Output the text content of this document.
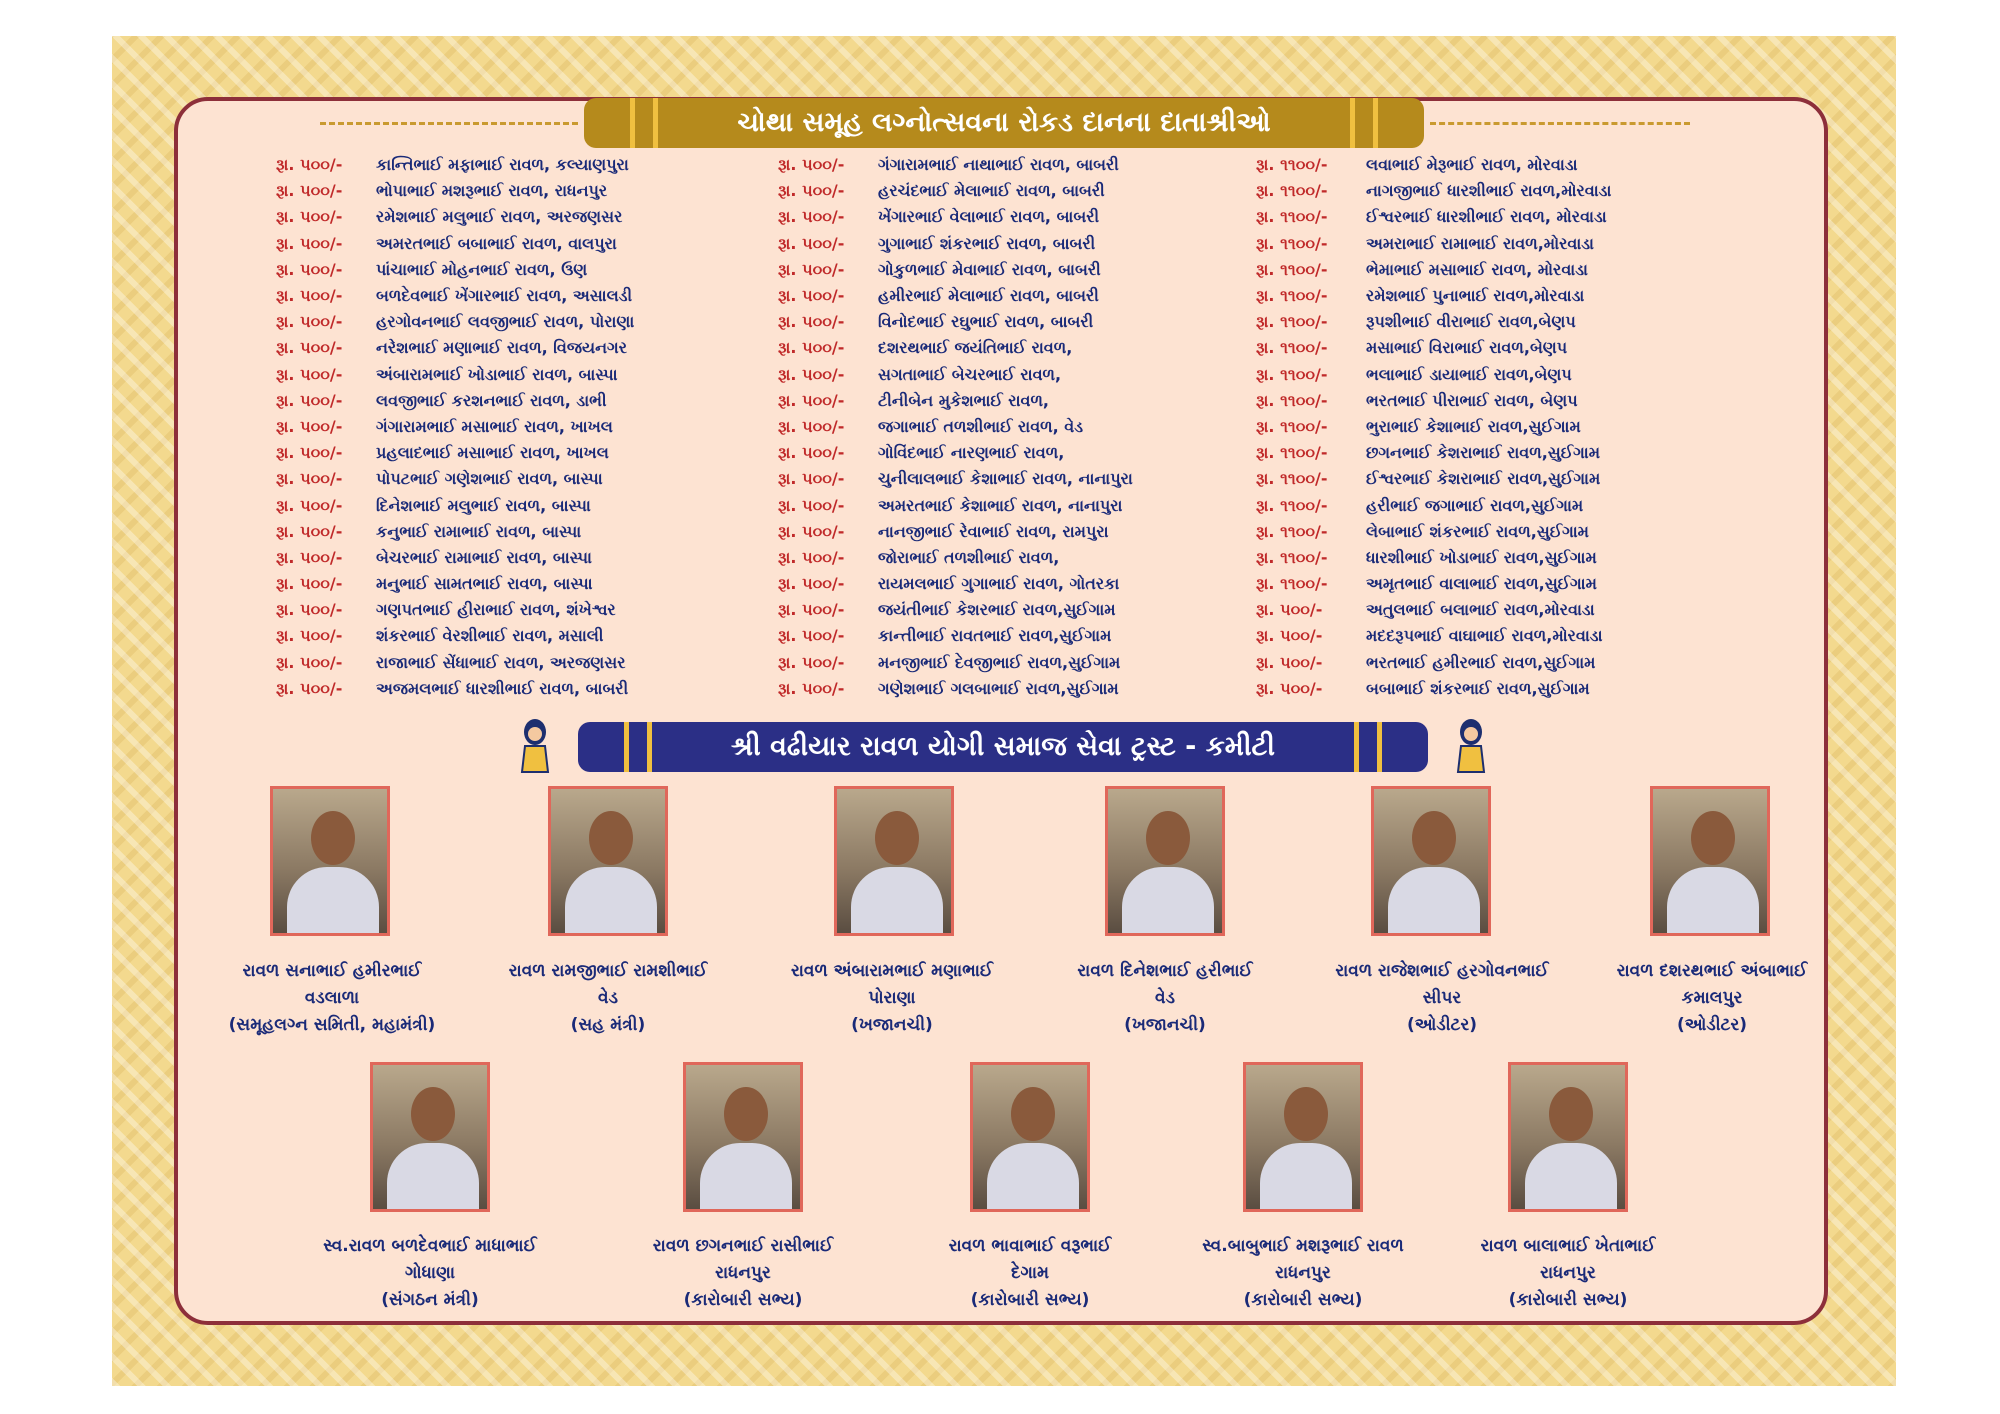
ચોથા સમૂહ લગ્નોત્સવના રોકડ દાનના દાતાશ્રીઓ
રૂા. ૫૦૦/-	કાન્તિભાઈ મફાભાઈ રાવળ, કલ્યાણપુરા
રૂા. ૫૦૦/-	ભોપાભાઈ મશરૂભાઈ રાવળ, રાધનપુર
રૂા. ૫૦૦/-	રમેશભાઈ મલુભાઈ રાવળ, અરજણસર
રૂા. ૫૦૦/-	અમરતભાઈ બબાભાઈ રાવળ, વાલપુરા
રૂા. ૫૦૦/-	પાંચાભાઈ મોહનભાઈ રાવળ, ઉણ
રૂા. ૫૦૦/-	બળદેવભાઈ ખેંગારભાઈ રાવળ, અસાલડી
રૂા. ૫૦૦/-	હરગોવનભાઈ લવજીભાઈ રાવળ, પોરાણા
રૂા. ૫૦૦/-	નરેશભાઈ મણાભાઈ રાવળ, વિજયનગર
રૂા. ૫૦૦/-	અંબારામભાઈ ખોડાભાઈ રાવળ, બાસ્પા
રૂા. ૫૦૦/-	લવજીભાઈ કરશનભાઈ રાવળ, ડાભી
રૂા. ૫૦૦/-	ગંગારામભાઈ મસાભાઈ રાવળ, ખાખલ
રૂા. ૫૦૦/-	પ્રહલાદભાઈ મસાભાઈ રાવળ, ખાખલ
રૂા. ૫૦૦/-	પોપટભાઈ ગણેશભાઈ રાવળ, બાસ્પા
રૂા. ૫૦૦/-	દિનેશભાઈ મલુભાઈ રાવળ, બાસ્પા
રૂા. ૫૦૦/-	કનુભાઈ રામાભાઈ રાવળ, બાસ્પા
રૂા. ૫૦૦/-	બેચરભાઈ રામાભાઈ રાવળ, બાસ્પા
રૂા. ૫૦૦/-	મનુભાઈ સામતભાઈ રાવળ, બાસ્પા
રૂા. ૫૦૦/-	ગણપતભાઈ હીરાભાઈ રાવળ, શંખેશ્વર
રૂા. ૫૦૦/-	શંકરભાઈ વેરશીભાઈ રાવળ, મસાલી
રૂા. ૫૦૦/-	રાજાભાઈ સેંધાભાઈ રાવળ, અરજણસર
રૂા. ૫૦૦/-	અજમલભાઈ ધારશીભાઈ રાવળ, બાબરી
રૂા. ૫૦૦/-	ગંગારામભાઈ નાથાભાઈ રાવળ, બાબરી
રૂા. ૫૦૦/-	હરચંદભાઈ મેલાભાઈ રાવળ, બાબરી
રૂા. ૫૦૦/-	ખેંગારભાઈ વેલાભાઈ રાવળ, બાબરી
રૂા. ૫૦૦/-	ગુગાભાઈ શંકરભાઈ રાવળ, બાબરી
રૂા. ૫૦૦/-	ગોકુળભાઈ મેવાભાઈ રાવળ, બાબરી
રૂા. ૫૦૦/-	હમીરભાઈ મેલાભાઈ રાવળ, બાબરી
રૂા. ૫૦૦/-	વિનોદભાઈ રઘુભાઈ રાવળ, બાબરી
રૂા. ૫૦૦/-	દશરથભાઈ જયંતિભાઈ રાવળ,
રૂા. ૫૦૦/-	સગતાભાઈ બેચરભાઈ રાવળ,
રૂા. ૫૦૦/-	ટીનીબેન મુકેશભાઈ રાવળ,
રૂા. ૫૦૦/-	જગાભાઈ તળશીભાઈ રાવળ, વેડ
રૂા. ૫૦૦/-	ગોવિંદભાઈ નારણભાઈ રાવળ,
રૂા. ૫૦૦/-	ચુનીલાલભાઈ કેશાભાઈ રાવળ, નાનાપુરા
રૂા. ૫૦૦/-	અમરતભાઈ કેશાભાઈ રાવળ, નાનાપુરા
રૂા. ૫૦૦/-	નાનજીભાઈ રેવાભાઈ રાવળ, રામપુરા
રૂા. ૫૦૦/-	જોરાભાઈ તળશીભાઈ રાવળ,
રૂા. ૫૦૦/-	રાયમલભાઈ ગુગાભાઈ રાવળ, ગોતરકા
રૂા. ૫૦૦/-	જયંતીભાઈ કેશરભાઈ રાવળ,સુઈગામ
રૂા. ૫૦૦/-	કાન્તીભાઈ રાવતભાઈ રાવળ,સુઈગામ
રૂા. ૫૦૦/-	મનજીભાઈ દેવજીભાઈ રાવળ,સુઈગામ
રૂા. ૫૦૦/-	ગણેશભાઈ ગલબાભાઈ રાવળ,સુઈગામ
રૂા. ૧૧૦૦/-	લવાભાઈ મેરૂભાઈ રાવળ, મોરવાડા
રૂા. ૧૧૦૦/-	નાગજીભાઈ ધારશીભાઈ રાવળ,મોરવાડા
રૂા. ૧૧૦૦/-	ઈશ્વરભાઈ ધારશીભાઈ રાવળ, મોરવાડા
રૂા. ૧૧૦૦/-	અમરાભાઈ રામાભાઈ રાવળ,મોરવાડા
રૂા. ૧૧૦૦/-	ભેમાભાઈ મસાભાઈ રાવળ, મોરવાડા
રૂા. ૧૧૦૦/-	રમેશભાઈ પુનાભાઈ રાવળ,મોરવાડા
રૂા. ૧૧૦૦/-	રૂપશીભાઈ વીરાભાઈ રાવળ,બેણપ
રૂા. ૧૧૦૦/-	મસાભાઈ વિરાભાઈ રાવળ,બેણપ
રૂા. ૧૧૦૦/-	ભલાભાઈ ડાયાભાઈ રાવળ,બેણપ
રૂા. ૧૧૦૦/-	ભરતભાઈ પીરાભાઈ રાવળ, બેણપ
રૂા. ૧૧૦૦/-	ભુરાભાઈ કેશાભાઈ રાવળ,સુઈગામ
રૂા. ૧૧૦૦/-	છગનભાઈ કેશરાભાઈ રાવળ,સુઈગામ
રૂા. ૧૧૦૦/-	ઈશ્વરભાઈ કેશરાભાઈ રાવળ,સુઈગામ
રૂા. ૧૧૦૦/-	હરીભાઈ જગાભાઈ રાવળ,સુઈગામ
રૂા. ૧૧૦૦/-	લેબાભાઈ શંકરભાઈ રાવળ,સુઈગામ
રૂા. ૧૧૦૦/-	ધારશીભાઈ ખોડાભાઈ રાવળ,સુઈગામ
રૂા. ૧૧૦૦/-	અમૃતભાઈ વાલાભાઈ રાવળ,સુઈગામ
રૂા. ૫૦૦/-	અતુલભાઈ બલાભાઈ રાવળ,મોરવાડા
રૂા. ૫૦૦/-	મદદરૂપભાઈ વાઘાભાઈ રાવળ,મોરવાડા
રૂા. ૫૦૦/-	ભરતભાઈ હમીરભાઈ રાવળ,સુઈગામ
રૂા. ૫૦૦/-	બબાભાઈ શંકરભાઈ રાવળ,સુઈગામ
શ્રી વઢીયાર રાવળ યોગી સમાજ સેવા ટ્રસ્ટ - કમીટી
રાવળ સનાભાઈ હમીરભાઈ
વડલાળા
(સમૂહલગ્ન સમિતી, મહામંત્રી)
રાવળ રામજીભાઈ રામશીભાઈ
વેડ
(સહ મંત્રી)
રાવળ અંબારામભાઈ મણાભાઈ
પોરાણા
(ખજાનચી)
રાવળ દિનેશભાઈ હરીભાઈ
વેડ
(ખજાનચી)
રાવળ રાજેશભાઈ હરગોવનભાઈ
સીપર
(ઓડીટર)
રાવળ દશરથભાઈ અંબાભાઈ
કમાલપુર
(ઓડીટર)
સ્વ.રાવળ બળદેવભાઈ માધાભાઈ
ગોધાણા
(સંગઠન મંત્રી)
રાવળ છગનભાઈ રાસીભાઈ
રાધનપુર
(કારોબારી સભ્ય)
રાવળ ભાવાભાઈ વરૂભાઈ
દેગામ
(કારોબારી સભ્ય)
સ્વ.બાબુભાઈ મશરૂભાઈ રાવળ
રાધનપુર
(કારોબારી સભ્ય)
રાવળ બાલાભાઈ ખેતાભાઈ
રાધનપુર
(કારોબારી સભ્ય)
